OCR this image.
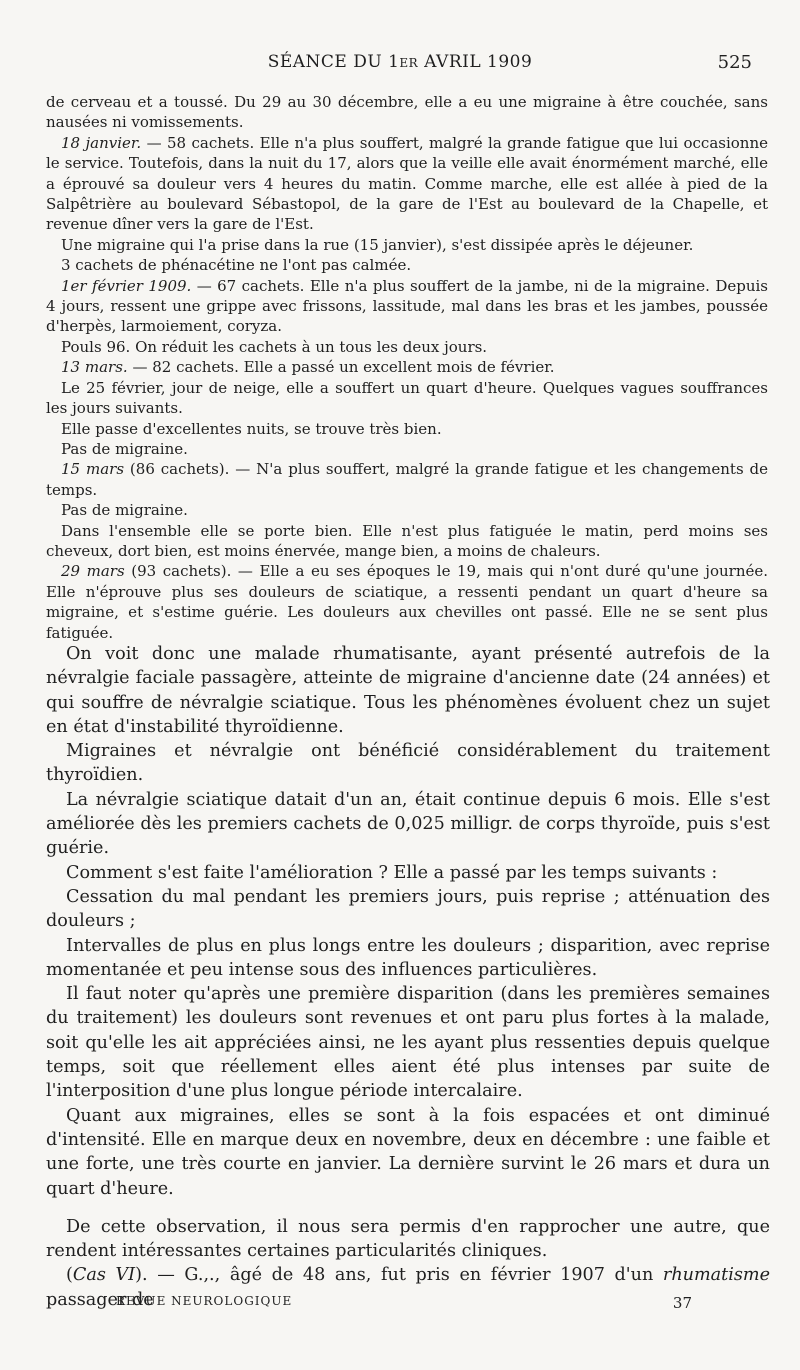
SÉANCE DU 1er AVRIL 1909	525

de cerveau et a toussé. Du 29 au 30 décembre, elle a eu une migraine à être couchée, sans nausées ni vomissements.

18 janvier. — 58 cachets. Elle n'a plus souffert, malgré la grande fatigue que lui occasionne le service. Toutefois, dans la nuit du 17, alors que la veille elle avait énormément marché, elle a éprouvé sa douleur vers 4 heures du matin. Comme marche, elle est allée à pied de la Salpêtrière au boulevard Sébastopol, de la gare de l'Est au boulevard de la Chapelle, et revenue dîner vers la gare de l'Est.

Une migraine qui l'a prise dans la rue (15 janvier), s'est dissipée après le déjeuner.

3 cachets de phénacétine ne l'ont pas calmée.

1er février 1909. — 67 cachets. Elle n'a plus souffert de la jambe, ni de la migraine. Depuis 4 jours, ressent une grippe avec frissons, lassitude, mal dans les bras et les jambes, poussée d'herpès, larmoiement, coryza.

Pouls 96. On réduit les cachets à un tous les deux jours.

13 mars. — 82 cachets. Elle a passé un excellent mois de février.

Le 25 février, jour de neige, elle a souffert un quart d'heure. Quelques vagues souffrances les jours suivants.

Elle passe d'excellentes nuits, se trouve très bien.

Pas de migraine.

15 mars (86 cachets). — N'a plus souffert, malgré la grande fatigue et les changements de temps.

Pas de migraine.

Dans l'ensemble elle se porte bien. Elle n'est plus fatiguée le matin, perd moins ses cheveux, dort bien, est moins énervée, mange bien, a moins de chaleurs.

29 mars (93 cachets). — Elle a eu ses époques le 19, mais qui n'ont duré qu'une journée. Elle n'éprouve plus ses douleurs de sciatique, a ressenti pendant un quart d'heure sa migraine, et s'estime guérie. Les douleurs aux chevilles ont passé. Elle ne se sent plus fatiguée.

On voit donc une malade rhumatisante, ayant présenté autrefois de la névralgie faciale passagère, atteinte de migraine d'ancienne date (24 années) et qui souffre de névralgie sciatique. Tous les phénomènes évoluent chez un sujet en état d'instabilité thyroïdienne.

Migraines et névralgie ont bénéficié considérablement du traitement thyroïdien.

La névralgie sciatique datait d'un an, était continue depuis 6 mois. Elle s'est améliorée dès les premiers cachets de 0,025 milligr. de corps thyroïde, puis s'est guérie.

Comment s'est faite l'amélioration ? Elle a passé par les temps suivants :

Cessation du mal pendant les premiers jours, puis reprise ; atténuation des douleurs ;

Intervalles de plus en plus longs entre les douleurs ; disparition, avec reprise momentanée et peu intense sous des influences particulières.

Il faut noter qu'après une première disparition (dans les premières semaines du traitement) les douleurs sont revenues et ont paru plus fortes à la malade, soit qu'elle les ait appréciées ainsi, ne les ayant plus ressenties depuis quelque temps, soit que réellement elles aient été plus intenses par suite de l'interposition d'une plus longue période intercalaire.

Quant aux migraines, elles se sont à la fois espacées et ont diminué d'intensité. Elle en marque deux en novembre, deux en décembre : une faible et une forte, une très courte en janvier. La dernière survint le 26 mars et dura un quart d'heure.

De cette observation, il nous sera permis d'en rapprocher une autre, que rendent intéressantes certaines particularités cliniques.

(Cas VI). — G.,., âgé de 48 ans, fut pris en février 1907 d'un rhumatisme passager de

REVUE NEUROLOGIQUE	37
